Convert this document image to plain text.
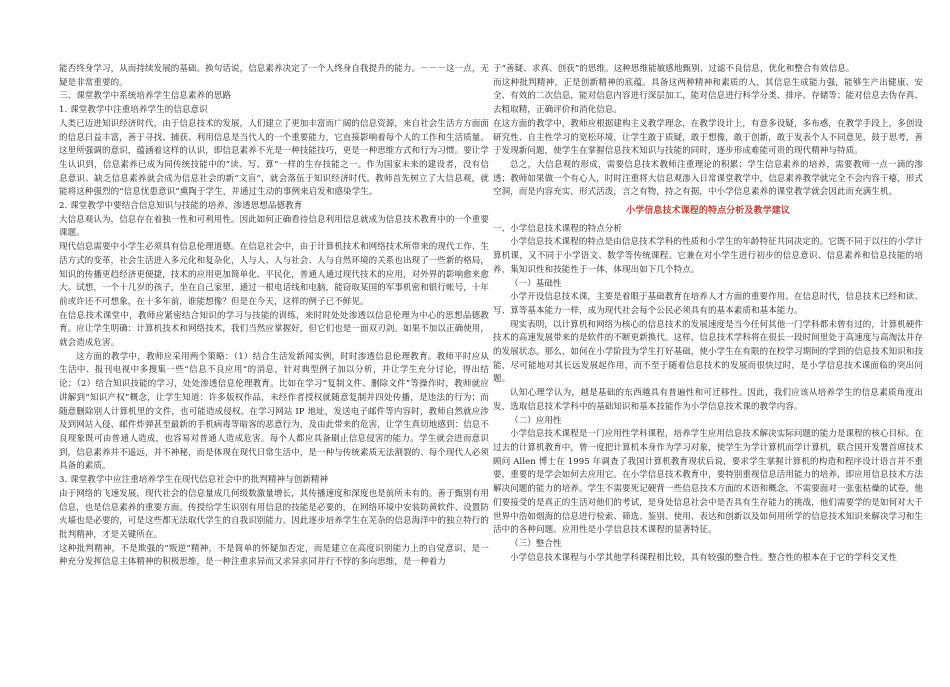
能否终身学习，从而持续发展的基础。换句话说，信息素养决定了一个人终身自我提升的能力。－－－这一点，无疑是非常重要的。

三、课堂教学中系统培养学生信息素养的思路

1. 课堂教学中注重培养学生的信息意识

人类已迈进知识经济时代，由于信息技术的发展，人们建立了更加丰富而广阔的信息资源，来自社会生活方方面面的信息日益丰富，善于寻找、捕获、利用信息是当代人的一个重要能力，它直接影响着每个人的工作和生活质量。这里所强调的意识，蕴涵着这样的认识，即信息素养不光是一种技能技巧，更是一种思维方式和行为习惯。要让学生认识到，信息素养已成为同传统技能中的“读、写、算”一样的生存技能之一。作为国家未来的建设者，没有信息意识、缺乏信息素养就会成为信息社会的新“文盲”，就会落伍于知识经济时代。教师首先树立了大信息观，就能将这种强烈的“信息忧患意识”熏陶于学生，并通过生动的事例来启发和感染学生。

2. 课堂教学中要结合信息知识与技能的培养，渗透思想品德教育

大信息观认为，信息存在着独一性和可利用性。因此如何正确看待信息利用信息就成为信息技术教育中的一个重要课题。

现代信息需要中小学生必须具有信息伦理道德。在信息社会中，由于计算机技术和网络技术所带来的现代工作、生活方式的变革，社会生活进入多元化和复杂化，人与人、人与社会、人与自然环境的关系也出现了一些新的格局，知识的传播更趋经济更便捷，技术的应用更加简单化、平民化，普通人通过现代技术的应用，对外界的影响愈来愈大。试想，一个十几岁的孩子，坐在自己家里，通过一根电话线和电脑，能窃取某国的军事机密和银行帐号，十年前或许还不可想象，在十多年前，谁能想像？但是在今天，这样的例子已不鲜见。

在信息技术课堂中，教师应紧密结合知识的学习与技能的训练，来时时处处渗透以信息伦理为中心的思想品德教育。应让学生明确：计算机技术和网络技术，我们当然应掌握好，但它们也是一面双刃剑。如果不加以正确使用，就会造成危害。

这方面的教学中，教师应采用两个策略：（1）结合生活发新闻实例，时时渗透信息伦理教育。教师平时应从生活中、报刊电视中多搜集一些“信息不良应用”的消息，针对典型例子加以分析，并让学生充分讨论，得出结论；（2）结合知识技能的学习，处处渗透信息伦理教育。比如在学习“复制文件、删除文件”等操作时，教师就应讲解到“知识产权”概念，让学生知道：许多版权作品，未经作者授权就随意复制并四处传播，是违法的行为；而随意删除别人计算机里的文件，也可能造成侵权。在学习网站 IP 地址，发送电子邮件等内容时，教师自然就应涉及到网站入侵、邮件炸弹甚至最新的手机病毒等暗客的恶意行为，及由此带来的危害，让学生真切地感到：信息不良现象既可由普通人造成，也容易对普通人造成危害。每个人都应具备刷止信息侵害的能力。学生就会进而意识到，信息素养并不遥远，并不神秘，而是体现在现代日常生活中，是一种与传统素质无法割裂的、每个现代人必须具备的素质。

3. 课堂教学中应注重培养学生在现代信息社会中的批判精神与创新精神

由于网络的飞速发展，现代社会的信息量成几何级数激量增长，其传播速度和深度也是前所未有的。善于甄别有用信息，也是信息素养的重要方面。传授给学生识别有用信息的技能是必要的，在网络环境中安装防黄软件、设置防火墙也是必要的，可是这些都无法取代学生的自我识别能力。因此逐步培养学生在芜杂的信息海洋中的独立特行的批判精神，才是关键所在。

这种批判精神，不是欺强的“叛逆”精神，不是简单的怀疑加否定，而是建立在高度识别能力上的自觉意识，是一种充分发挥信息主体精神的积极思维，是一种注重求异而又求异求同并行不悖的多向思维，是一种着力

于“善疑、求真、创获”的思维。这种思维能敏感地甄别、过滤不良信息，优化和整合有效信息。

而这种批判精神，正是创新精神的底蕴。具备这两种精神和素质的人，其信息生成能力强，能够生产出健康、安全、有效的二次信息，能对信息内容进行深层加工，能对信息进行科学分类、排序、存储等；能对信息去伪存真、去粗取精，正确评价和消化信息。

在这方面的教学中，教师应根据建构主义教学理念，在教学设计上，有意多设疑，多布惑，在教学手段上，多创设研究性、自主性学习的宽松环境，让学生敢于质疑，敢于想像，敢于创新，敢于发表个人不同意见，鼓于思考，善于发现新问题，使学生在掌握信息技术知识与技能的同时，逐步形成难能可贵的现代精神与特质。

总之，大信息观的形成，需要信息技术教师注重理论的积累；学生信息素养的培养，需要教师一点一滴的渗透；教师如果做一个有心人，时时注重将大信息观渗入日常课堂教学中，信息素养教学就完全不会内容干瘪，形式空洞，而是内容充实，形式活泼，言之有物，持之有据，中小学信息素养的课堂教学就会因此而充满生机。

小学信息技术课程的特点分析及教学建议

一、小学信息技术课程的特点分析

小学信息技术课程的特点是由信息技术学科的性质和小学生的年龄特征共同决定的。它既不同于以往的小学计算机课，又不同于小学语文、数学等传统课程。它兼在对小学生进行初步的信息意识、信息素养和信息技能的培养，集知识性和技能性于一体，体现出如下几个特点。

（一）基础性

小学开设信息技术课，主要是着眼于基础教育在培养人才方面的重要作用。在信息时代，信息技术已经和读、写、算等基本能力一样，成为现代社会每个公民必须具有的基本素质和基本能力。

现实表明，以计算机和网络为核心的信息技术的发展速度是当今任何其他一门学科都未曾有过的，计算机硬件技术的高速发展带来的是软件的不断更新换代。这样，信息技术学科将在很长一段时间里处于高速度与高淘汰并存的发展状态。那么，如何在小学阶段为学生打好基础，使小学生在有限的在校学习期间的学到的信息技术知识和技能，尽可能地对其长远发展起作用，而不至于随着信息技术的发展而很快过时，是小学信息技术课面临的突出问题。

认知心理学认为，越是基础的东西越具有普遍性和可迁移性。因此，我们应该从培养学生的信息素质角度出发，选取信息技术学科中的基础知识和基本技能作为小学信息技术课的教学内容。

（二）应用性

小学信息技术课程是一门应用性学科课程，培养学生应用信息技术解决实际问题的能力是课程的核心目标。在过去的计算机教育中，曾一度把计算机本身作为学习对象，使学生为学计算机而学计算机，联合国开发署首席技术顾问 Allen 博士在 1995 年调查了我国计算机教育现状后说，要求学生掌握计算机的构造和程序设计语言并不重要，重要的是学会如何去应用它。在小学信息技术教育中，要特别重视信息活用能力的培养，即应用信息技术方法解决问题的能力的培养。学生不需要死记硬背一些信息技术方面的术语和概念，不需要面对一张张枯燥的试卷，他们要接受的是真正的生活对他们的考试，是身处信息社会中是否具有生存能力的挑战，他们需要学的是如何对大千世界中浩如烟海的信息进行检索、筛选、鉴别、使用、表达和创新以及如何用所学的信息技术知识来解决学习和生活中的各种问题。应用性是小学信息技术课程的显著特征。

（三）整合性

小学信息技术课程与小学其他学科课程相比较，具有较强的整合性。整合性的根本在于它的学科交叉性
